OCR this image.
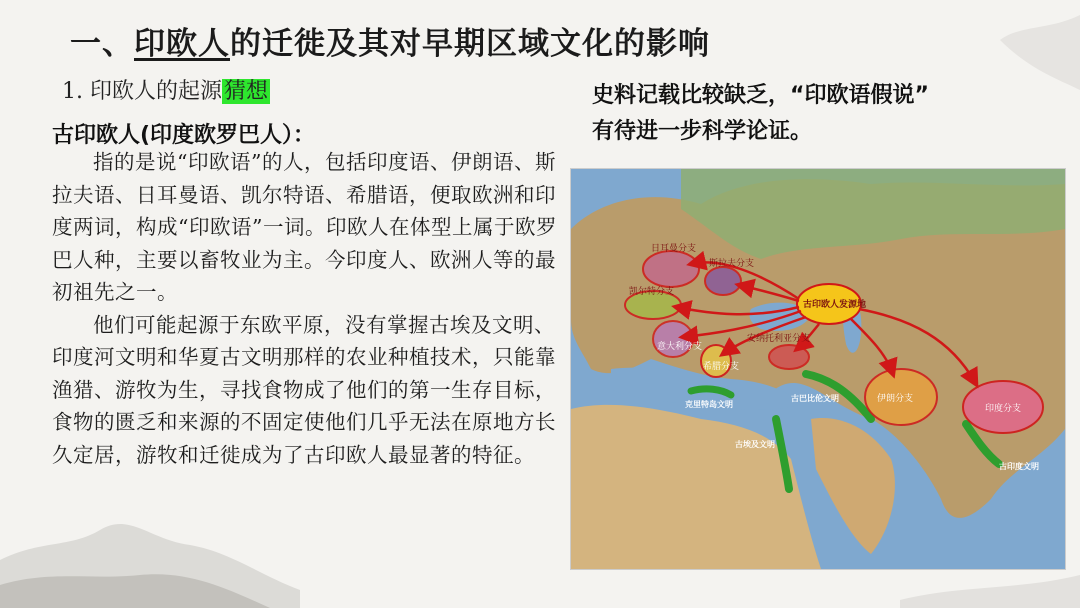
一、印欧人的迁徙及其对早期区域文化的影响
1. 印欧人的起源猜想
古印欧人(印度欧罗巴人）：

指的是说“印欧语”的人，包括印度语、伊朗语、斯拉夫语、日耳曼语、凯尔特语、希腊语，便取欧洲和印度两词，构成“印欧语”一词。印欧人在体型上属于欧罗巴人种，主要以畜牧业为主。今印度人、欧洲人等的最初祖先之一。

他们可能起源于东欧平原，没有掌握古埃及文明、印度河文明和华夏古文明那样的农业种植技术，只能靠渔猎、游牧为生，寻找食物成了他们的第一生存目标，食物的匮乏和来源的不固定使他们几乎无法在原地方长久定居，游牧和迁徙成为了古印欧人最显著的特征。

史料记载比较缺乏，“印欧语假说”
有待进一步科学论证。
日耳曼分支
斯拉夫分支
凯尔特分支
意大利分支
希腊分支
安纳托利亚分支
伊朗分支
印度分支
古印欧人发源地
克里特岛文明
古埃及文明
古巴比伦文明
古印度文明
